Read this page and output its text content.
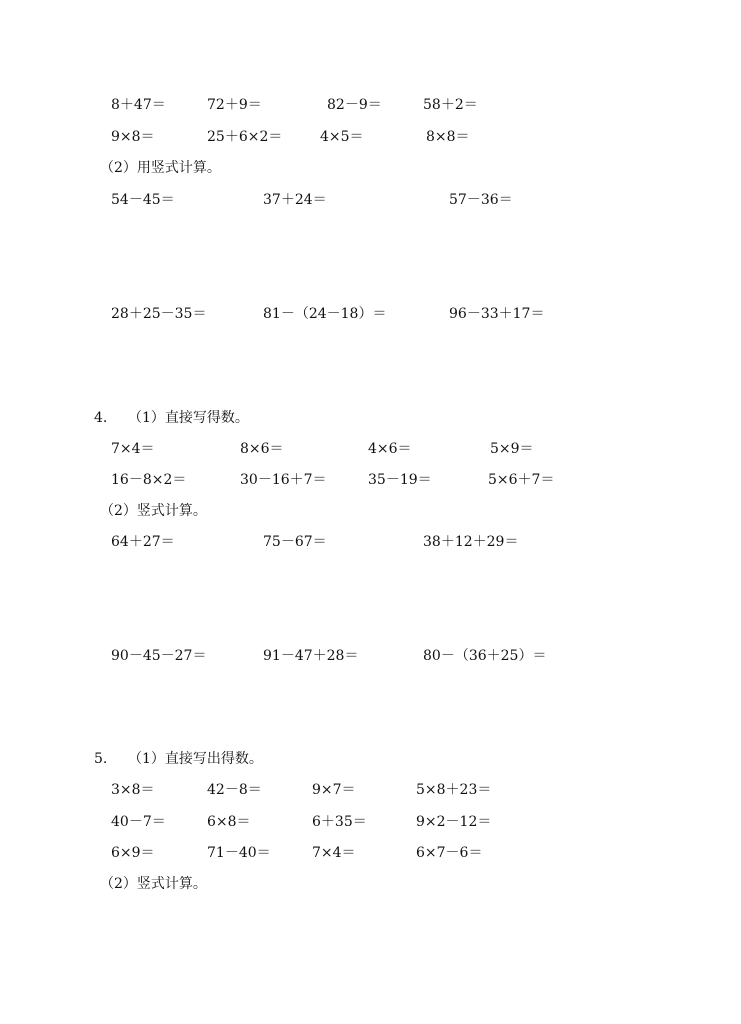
8＋47＝	72＋9＝	82－9＝	58＋2＝
9×8＝	25＋6×2＝	4×5＝	8×8＝
（2）用竖式计算。
54－45＝	37＋24＝	57－36＝
28＋25－35＝	81－（24－18）＝	96－33＋17＝
4. （1）直接写得数。
7×4＝	8×6＝	4×6＝	5×9＝
16－8×2＝	30－16＋7＝	35－19＝	5×6＋7＝
（2）竖式计算。
64＋27＝	75－67＝	38＋12＋29＝
90－45－27＝	91－47＋28＝	80－（36＋25）＝
5. （1）直接写出得数。
3×8＝	42－8＝	9×7＝	5×8＋23＝
40－7＝	6×8＝	6＋35＝	9×2－12＝
6×9＝	71－40＝	7×4＝	6×7－6＝
（2）竖式计算。
